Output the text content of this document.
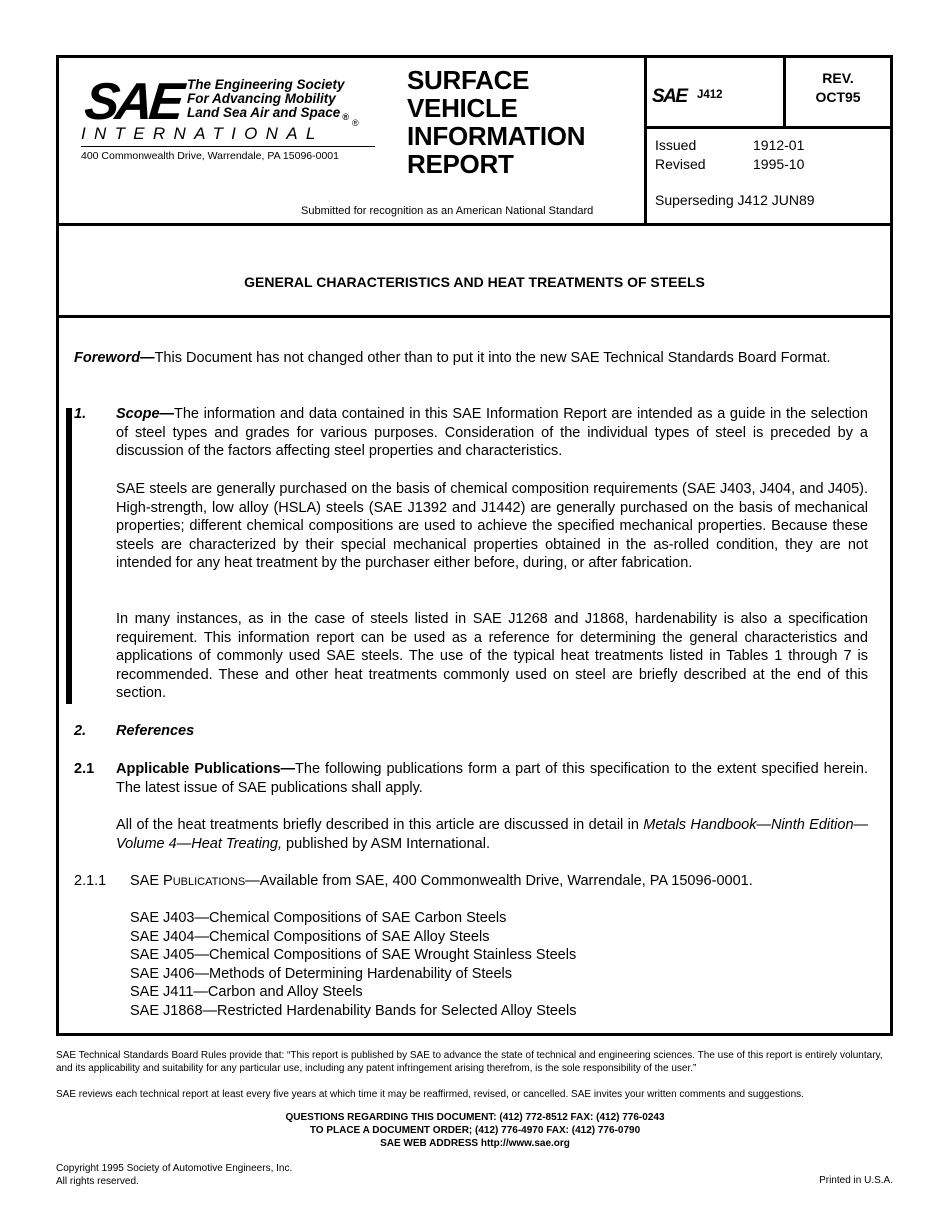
SAE The Engineering Society
For Advancing Mobility
Land Sea Air and Space $_®$
INTERNATIONAL
®
400 Commonwealth Drive, Warrendale, PA 15096-0001
SURFACE
VEHICLE
INFORMATION
REPORT
Submitted for recognition as an American National Standard
SAE J412
REV.
OCT95
Issued	1912-01
Revised	1995-10
Superseding J412 JUN89
GENERAL CHARACTERISTICS AND HEAT TREATMENTS OF STEELS
Foreword—This Document has not changed other than to put it into the new SAE Technical Standards Board Format.
1. Scope—The information and data contained in this SAE Information Report are intended as a guide in the selection of steel types and grades for various purposes. Consideration of the individual types of steel is preceded by a discussion of the factors affecting steel properties and characteristics.
SAE steels are generally purchased on the basis of chemical composition requirements (SAE J403, J404, and J405). High-strength, low alloy (HSLA) steels (SAE J1392 and J1442) are generally purchased on the basis of mechanical properties; different chemical compositions are used to achieve the specified mechanical properties. Because these steels are characterized by their special mechanical properties obtained in the as-rolled condition, they are not intended for any heat treatment by the purchaser either before, during, or after fabrication.
In many instances, as in the case of steels listed in SAE J1268 and J1868, hardenability is also a specification requirement. This information report can be used as a reference for determining the general characteristics and applications of commonly used SAE steels. The use of the typical heat treatments listed in Tables 1 through 7 is recommended. These and other heat treatments commonly used on steel are briefly described at the end of this section.
2. References
2.1 Applicable Publications—The following publications form a part of this specification to the extent specified herein. The latest issue of SAE publications shall apply.
All of the heat treatments briefly described in this article are discussed in detail in Metals Handbook—Ninth Edition—Volume 4—Heat Treating, published by ASM International.
2.1.1 SAE PUBLICATIONS—Available from SAE, 400 Commonwealth Drive, Warrendale, PA 15096-0001.
SAE J403—Chemical Compositions of SAE Carbon Steels
SAE J404—Chemical Compositions of SAE Alloy Steels
SAE J405—Chemical Compositions of SAE Wrought Stainless Steels
SAE J406—Methods of Determining Hardenability of Steels
SAE J411—Carbon and Alloy Steels
SAE J1868—Restricted Hardenability Bands for Selected Alloy Steels
SAE Technical Standards Board Rules provide that: “This report is published by SAE to advance the state of technical and engineering sciences. The use of this report is entirely voluntary, and its applicability and suitability for any particular use, including any patent infringement arising therefrom, is the sole responsibility of the user.”
SAE reviews each technical report at least every five years at which time it may be reaffirmed, revised, or cancelled. SAE invites your written comments and suggestions.
QUESTIONS REGARDING THIS DOCUMENT: (412) 772-8512 FAX: (412) 776-0243
TO PLACE A DOCUMENT ORDER; (412) 776-4970 FAX: (412) 776-0790
SAE WEB ADDRESS http://www.sae.org
Copyright 1995 Society of Automotive Engineers, Inc.
All rights reserved.	Printed in U.S.A.
